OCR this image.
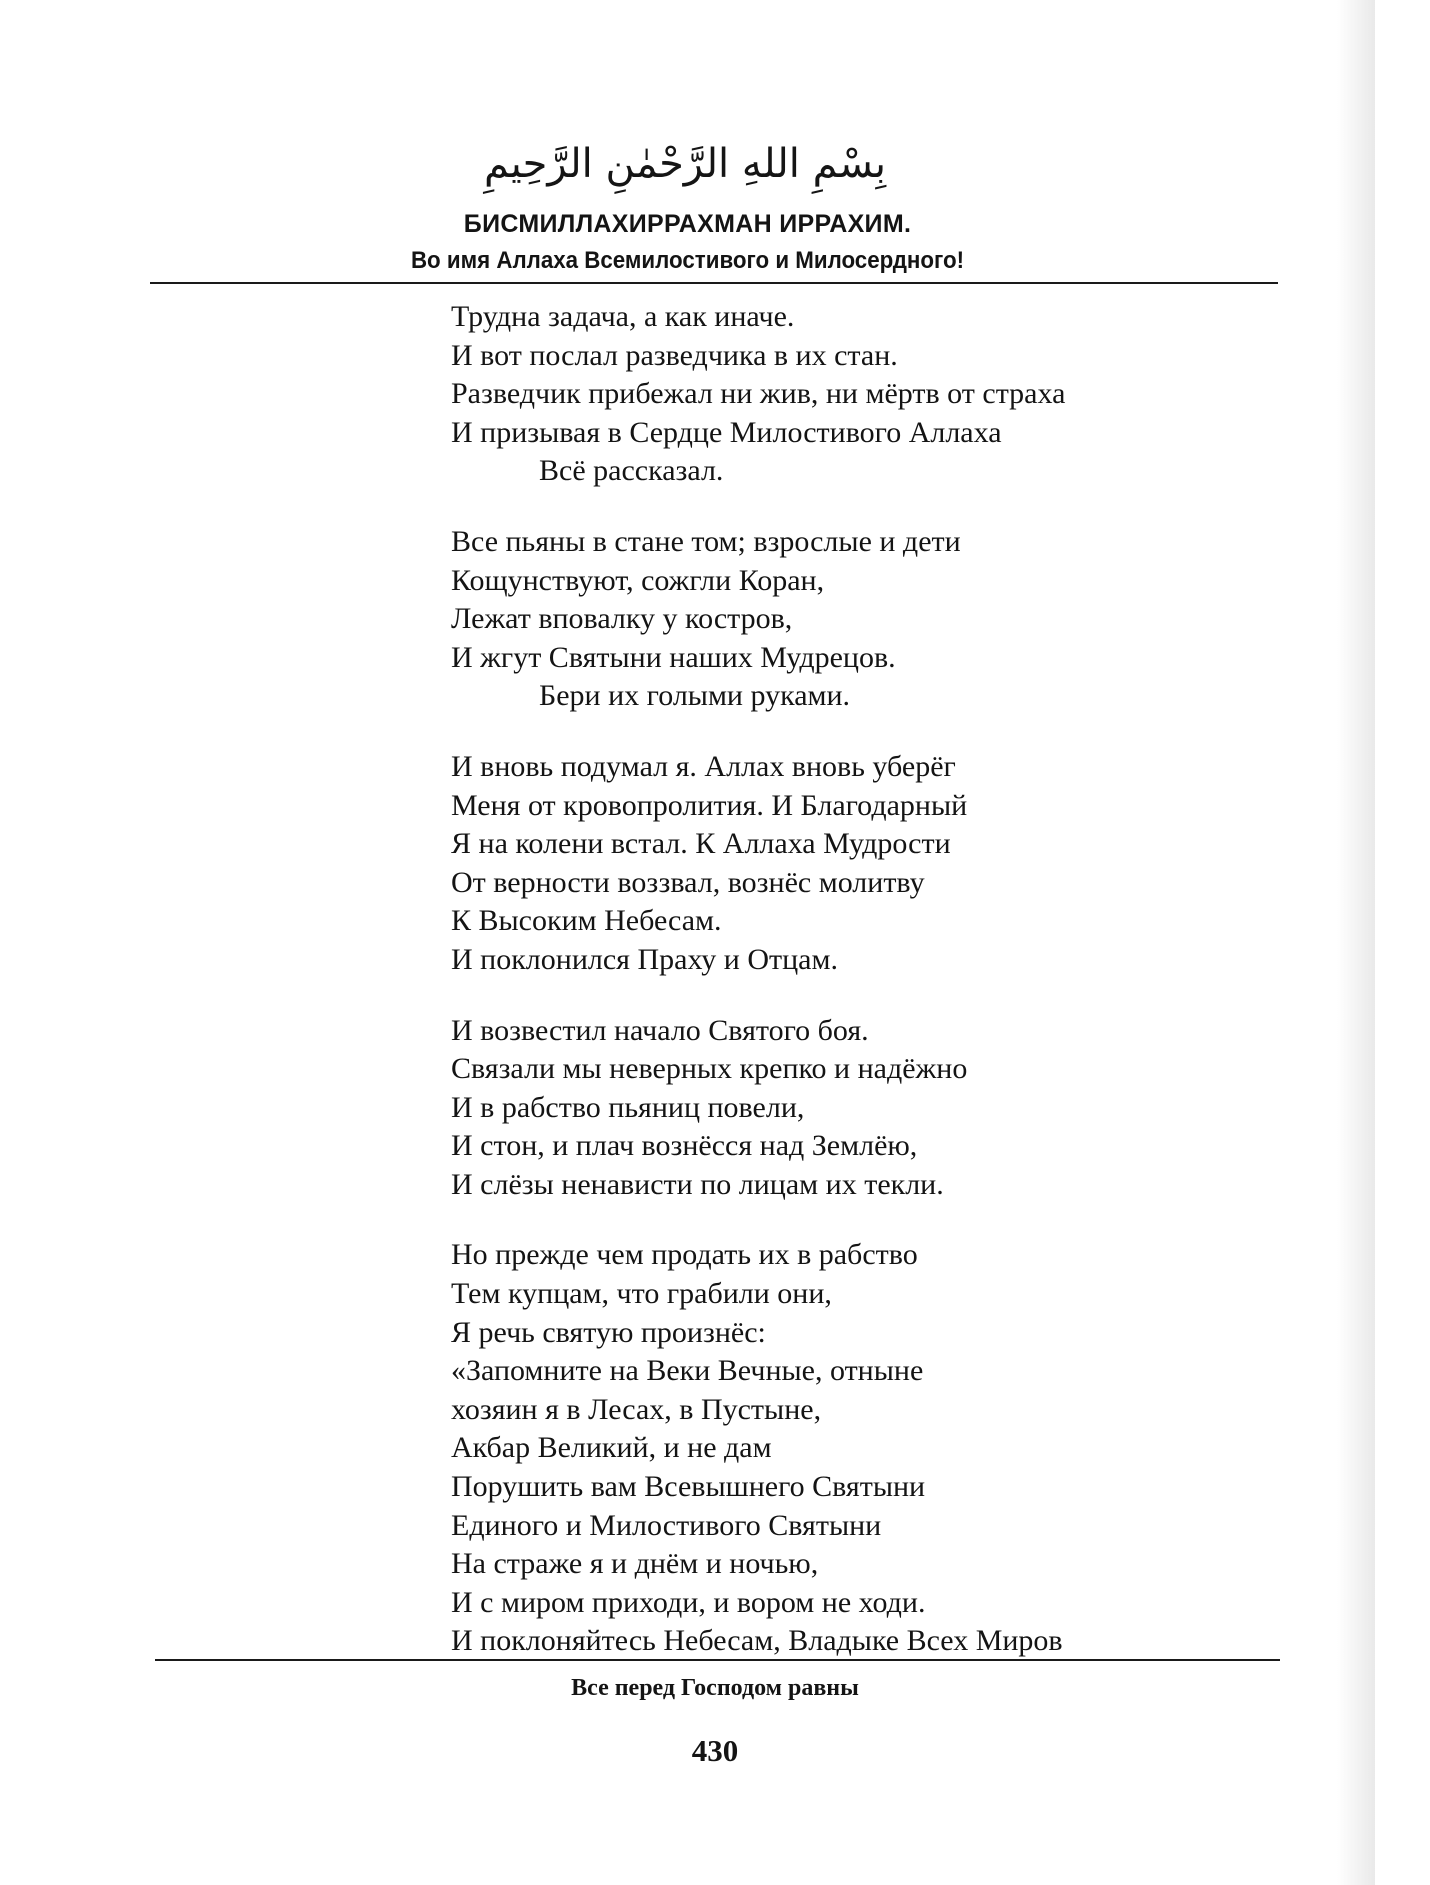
بِسْمِ اللهِ الرَّحْمٰنِ الرَّحِيمِ
БИСМИЛЛАХИРРАХМАН ИРРАХИМ.
Во имя Аллаха Всемилостивого и Милосердного!
Трудна задача, а как иначе.
И вот послал разведчика в их стан.
Разведчик прибежал ни жив, ни мёртв от страха
И призывая в Сердце Милостивого Аллаха
Всё рассказал.
Все пьяны в стане том; взрослые и дети
Кощунствуют, сожгли Коран,
Лежат вповалку у костров,
И жгут Святыни наших Мудрецов.
Бери их голыми руками.
И вновь подумал я. Аллах вновь уберёг
Меня от кровопролития. И Благодарный
Я на колени встал. К Аллаха Мудрости
От верности воззвал, вознёс молитву
К Высоким Небесам.
И поклонился Праху и Отцам.
И возвестил начало Святого боя.
Связали мы неверных крепко и надёжно
И в рабство пьяниц повели,
И стон, и плач вознёсся над Землёю,
И слёзы ненависти по лицам их текли.
Но прежде чем продать их в рабство
Тем купцам, что грабили они,
Я речь святую произнёс:
«Запомните на Веки Вечные, отныне
хозяин я в Лесах, в Пустыне,
Акбар Великий, и не дам
Порушить вам Всевышнего Святыни
Единого и Милостивого Святыни
На страже я и днём и ночью,
И с миром приходи, и вором не ходи.
И поклоняйтесь Небесам, Владыке Всех Миров
Все перед Господом равны
430
